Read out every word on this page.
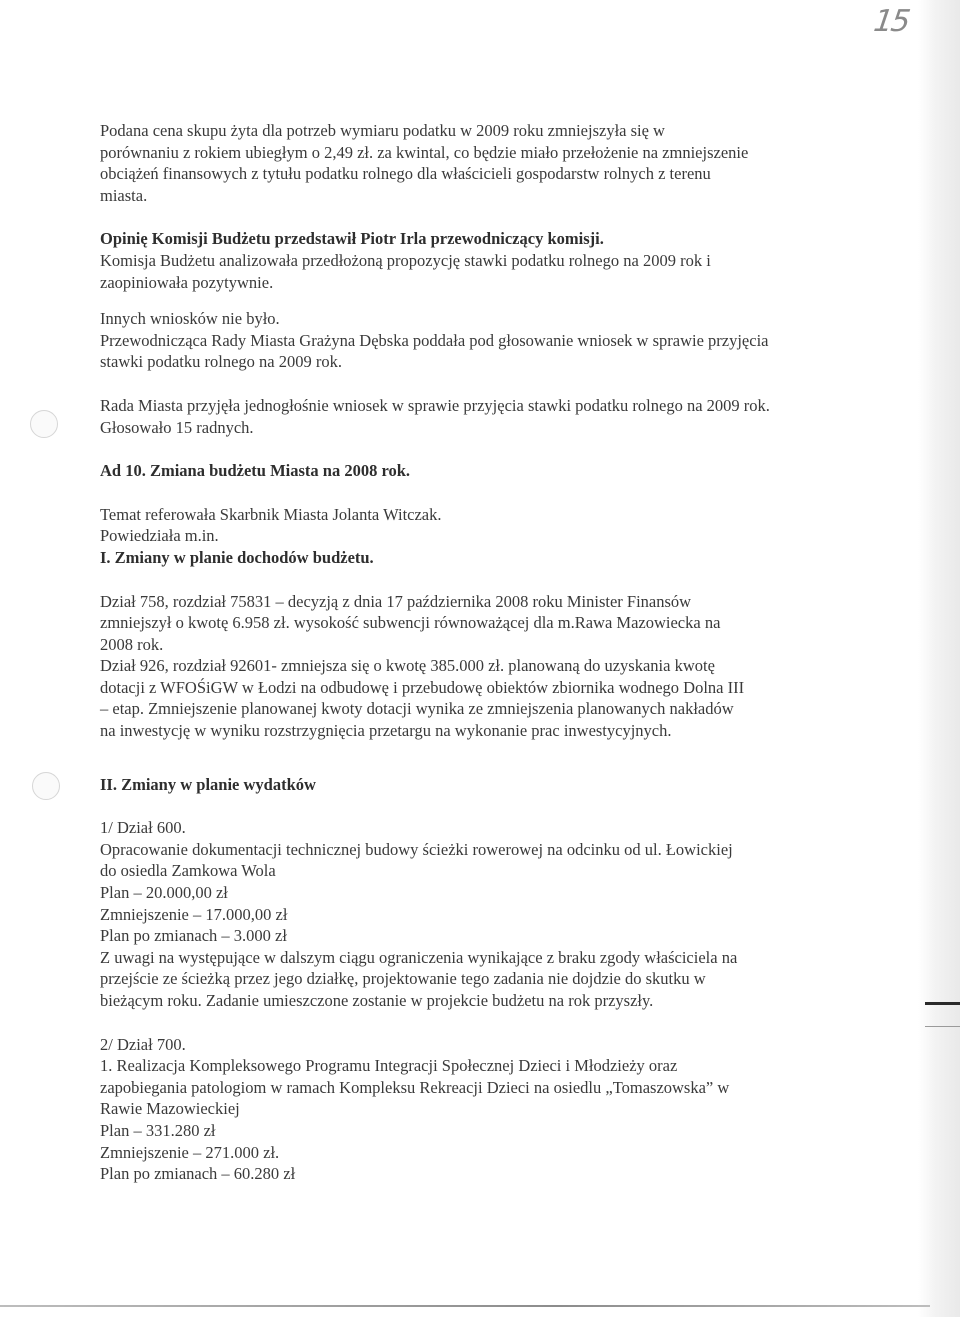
15

Podana cena skupu żyta dla potrzeb wymiaru podatku w 2009 roku zmniejszyła się w

porównaniu z rokiem ubiegłym o 2,49 zł. za kwintal, co będzie miało przełożenie na zmniejszenie

obciążeń finansowych z tytułu podatku rolnego dla właścicieli gospodarstw rolnych z terenu

miasta.

Opinię Komisji Budżetu przedstawił Piotr Irla przewodniczący komisji.

Komisja Budżetu analizowała przedłożoną propozycję stawki podatku rolnego na 2009 rok i

zaopiniowała pozytywnie.

Innych wniosków nie było.

Przewodnicząca Rady Miasta Grażyna Dębska poddała pod głosowanie wniosek w sprawie przyjęcia

stawki podatku rolnego na 2009 rok.

Rada Miasta przyjęła jednogłośnie wniosek w sprawie przyjęcia stawki podatku rolnego na 2009 rok.

Głosowało 15 radnych.

Ad 10. Zmiana budżetu Miasta na 2008 rok.

Temat referowała Skarbnik Miasta Jolanta Witczak.

Powiedziała m.in.

I. Zmiany w planie dochodów budżetu.

Dział 758, rozdział 75831 – decyzją z dnia 17 października 2008 roku Minister Finansów

zmniejszył o kwotę 6.958 zł. wysokość subwencji równoważącej dla m.Rawa Mazowiecka na

2008 rok.

Dział 926, rozdział 92601- zmniejsza się o kwotę 385.000 zł. planowaną do uzyskania kwotę

dotacji z WFOŚiGW w Łodzi na odbudowę i przebudowę obiektów zbiornika wodnego Dolna III

– etap. Zmniejszenie planowanej kwoty dotacji wynika ze zmniejszenia planowanych nakładów

na inwestycję w wyniku rozstrzygnięcia przetargu na wykonanie prac inwestycyjnych.

II. Zmiany w planie wydatków

1/ Dział 600.

Opracowanie dokumentacji technicznej budowy ścieżki rowerowej na odcinku od ul. Łowickiej

do osiedla Zamkowa Wola

Plan – 20.000,00 zł

Zmniejszenie – 17.000,00 zł

Plan po zmianach – 3.000 zł

Z uwagi na występujące w dalszym ciągu ograniczenia wynikające z braku zgody właściciela na

przejście ze ścieżką przez jego działkę, projektowanie tego zadania nie dojdzie do skutku w

bieżącym roku. Zadanie umieszczone zostanie w projekcie budżetu na rok przyszły.

2/ Dział 700.

1. Realizacja Kompleksowego Programu Integracji Społecznej Dzieci i Młodzieży oraz

zapobiegania patologiom w ramach Kompleksu Rekreacji Dzieci na osiedlu „Tomaszowska” w

Rawie Mazowieckiej

Plan – 331.280 zł

Zmniejszenie – 271.000 zł.

Plan po zmianach – 60.280 zł
